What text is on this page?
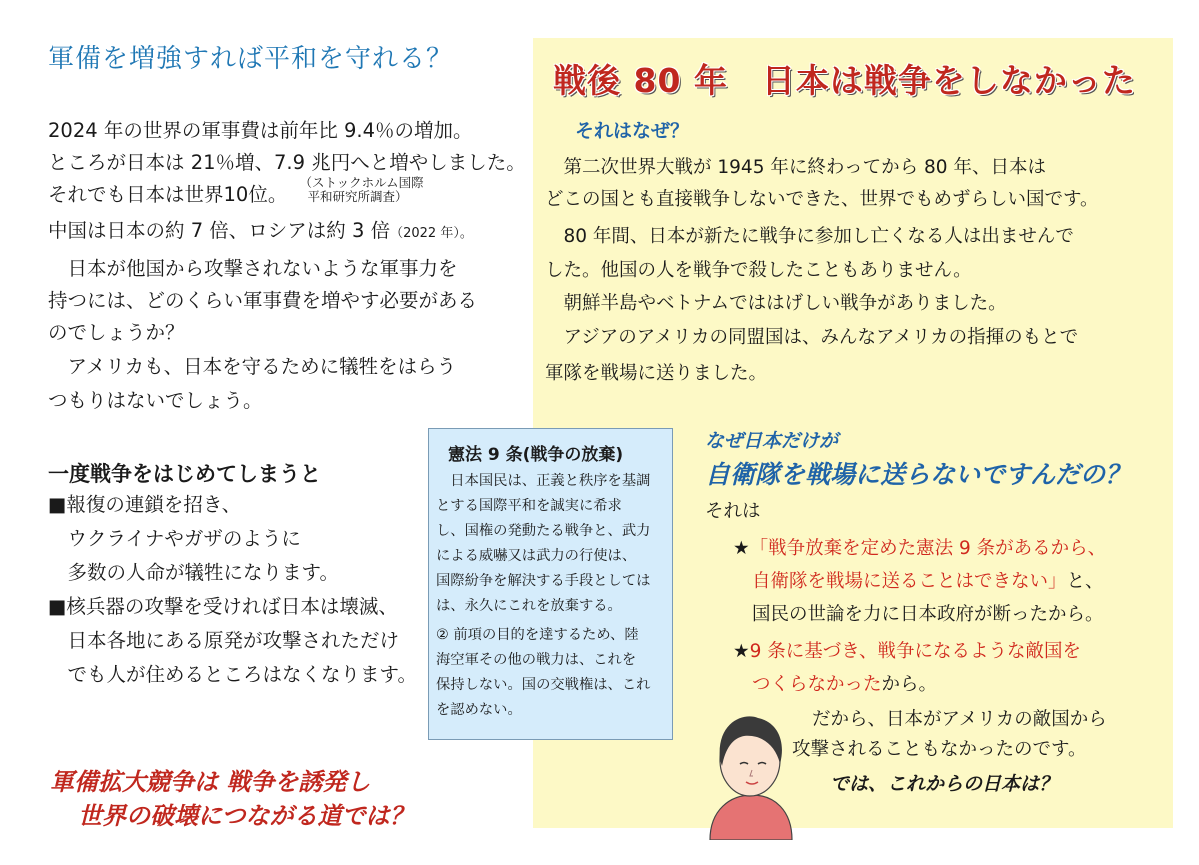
軍備を増強すれば平和を守れる？
2024 年の世界の軍事費は前年比 9.4％の増加。
ところが日本は 21％増、7.9 兆円へと増やしました。
それでも日本は世界10位。 （ストックホルム国際
平和研究所調査）
中国は日本の約 7 倍、ロシアは約 3 倍（2022 年）。
　日本が他国から攻撃されないような軍事力を
持つには、どのくらい軍事費を増やす必要がある
のでしょうか？
　アメリカも、日本を守るために犠牲をはらう
つもりはないでしょう。
一度戦争をはじめてしまうと
■報復の連鎖を招き、
　ウクライナやガザのように
　多数の人命が犠牲になります。
■核兵器の攻撃を受ければ日本は壊滅、
　日本各地にある原発が攻撃されただけ
　でも人が住めるところはなくなります。
軍備拡大競争は 戦争を誘発し
世界の破壊につながる道では？
戦後 80 年　日本は戦争をしなかった
それはなぜ？
　第二次世界大戦が 1945 年に終わってから 80 年、日本は
どこの国とも直接戦争しないできた、世界でもめずらしい国です。
　80 年間、日本が新たに戦争に参加し亡くなる人は出ませんで
した。他国の人を戦争で殺したこともありません。
　朝鮮半島やベトナムでははげしい戦争がありました。
　アジアのアメリカの同盟国は、みんなアメリカの指揮のもとで
軍隊を戦場に送りました。
なぜ日本だけが
自衛隊を戦場に送らないですんだの？
それは
★「戦争放棄を定めた憲法 9 条があるから、
自衛隊を戦場に送ることはできない」と、
国民の世論を力に日本政府が断ったから。
★9 条に基づき、戦争になるような敵国を
つくらなかったから。
だから、日本がアメリカの敵国から
攻撃されることもなかったのです。
では、これからの日本は？
憲法 9 条(戦争の放棄)
　日本国民は、正義と秩序を基調
とする国際平和を誠実に希求
し、国権の発動たる戦争と、武力
による威嚇又は武力の行使は、
国際紛争を解決する手段としては
は、永久にこれを放棄する。
② 前項の目的を達するため、陸
海空軍その他の戦力は、これを
保持しない。国の交戦権は、これ
を認めない。
